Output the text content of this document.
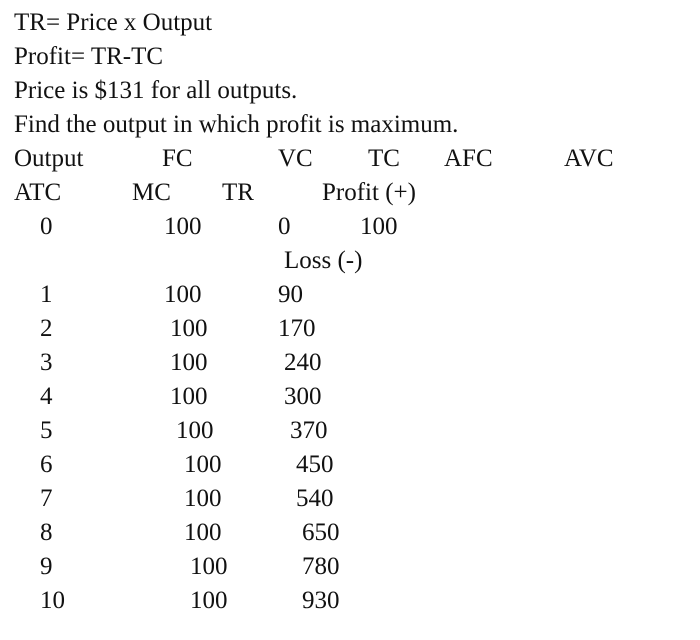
TR= Price x Output
Profit= TR-TC
Price is $131 for all outputs.
Find the output in which profit is maximum.
Output	FC	VC TC AFC	AVC
ATC	MC TR	Profit (+)
0	100	0	100
Loss (-)
1	100	90
2	100	170
3	100	240
4	100	300
5	100	370
6	100	450
7	100	540
8	100	650
9	100	780
10	100	930
